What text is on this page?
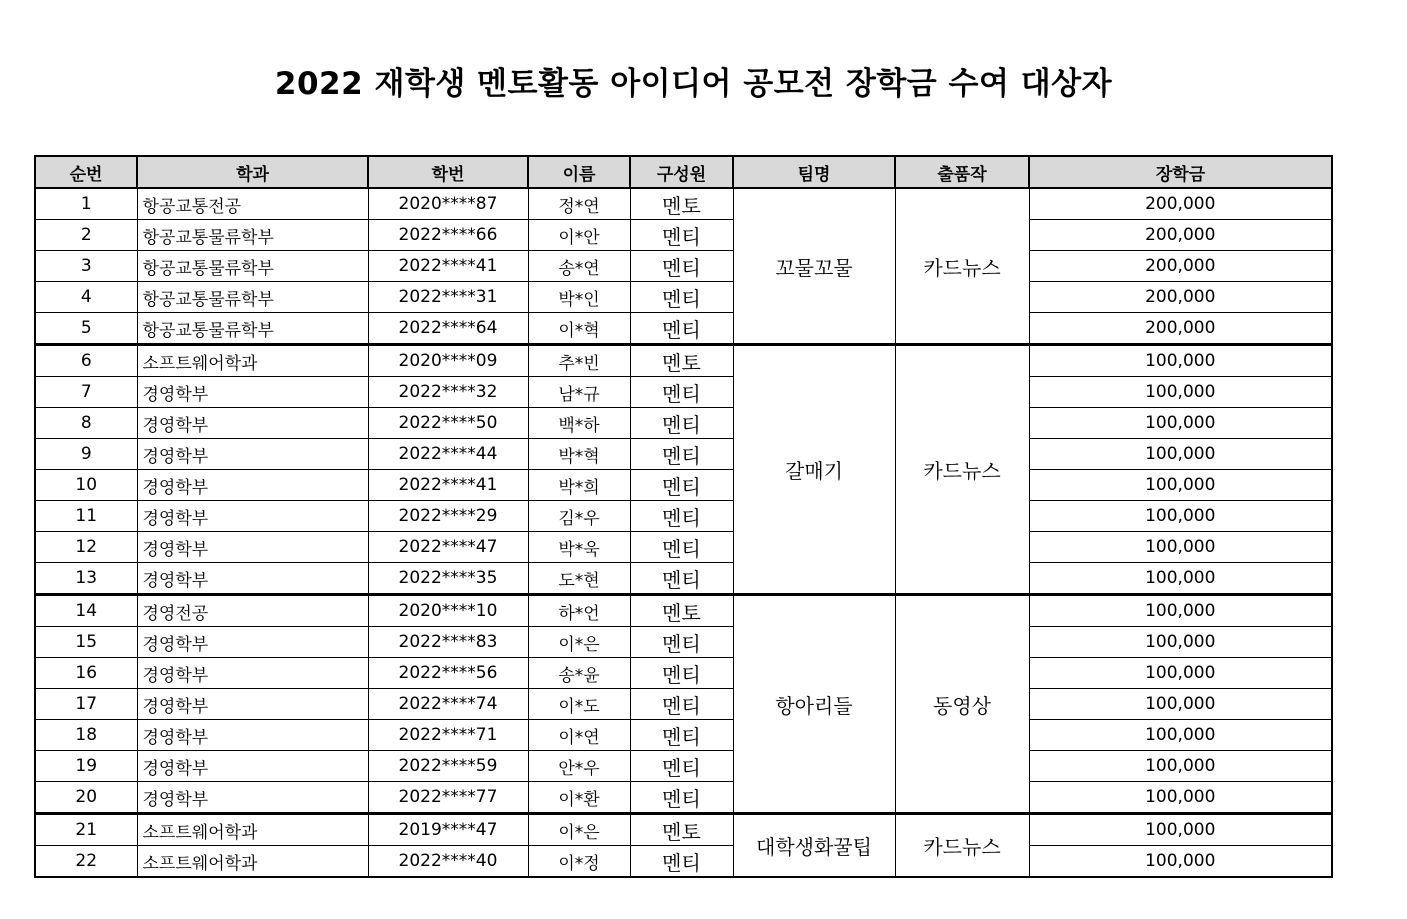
2022 재학생 멘토활동 아이디어 공모전 장학금 수여 대상자
순번	학과	학번	이름	구성원	팀명	출품작	장학금
1	항공교통전공	2020****87	정*연	멘토	꼬물꼬물	카드뉴스	200,000
2	항공교통물류학부	2022****66	이*안	멘티			200,000
3	항공교통물류학부	2022****41	송*연	멘티			200,000
4	항공교통물류학부	2022****31	박*인	멘티			200,000
5	항공교통물류학부	2022****64	이*혁	멘티			200,000
6	소프트웨어학과	2020****09	추*빈	멘토	갈매기	카드뉴스	100,000
7	경영학부	2022****32	남*규	멘티			100,000
8	경영학부	2022****50	백*하	멘티			100,000
9	경영학부	2022****44	박*혁	멘티			100,000
10	경영학부	2022****41	박*희	멘티			100,000
11	경영학부	2022****29	김*우	멘티			100,000
12	경영학부	2022****47	박*욱	멘티			100,000
13	경영학부	2022****35	도*현	멘티			100,000
14	경영전공	2020****10	하*언	멘토	항아리들	동영상	100,000
15	경영학부	2022****83	이*은	멘티			100,000
16	경영학부	2022****56	송*윤	멘티			100,000
17	경영학부	2022****74	이*도	멘티			100,000
18	경영학부	2022****71	이*연	멘티			100,000
19	경영학부	2022****59	안*우	멘티			100,000
20	경영학부	2022****77	이*환	멘티			100,000
21	소프트웨어학과	2019****47	이*은	멘토	대학생화꿀팁	카드뉴스	100,000
22	소프트웨어학과	2022****40	이*정	멘티			100,000
